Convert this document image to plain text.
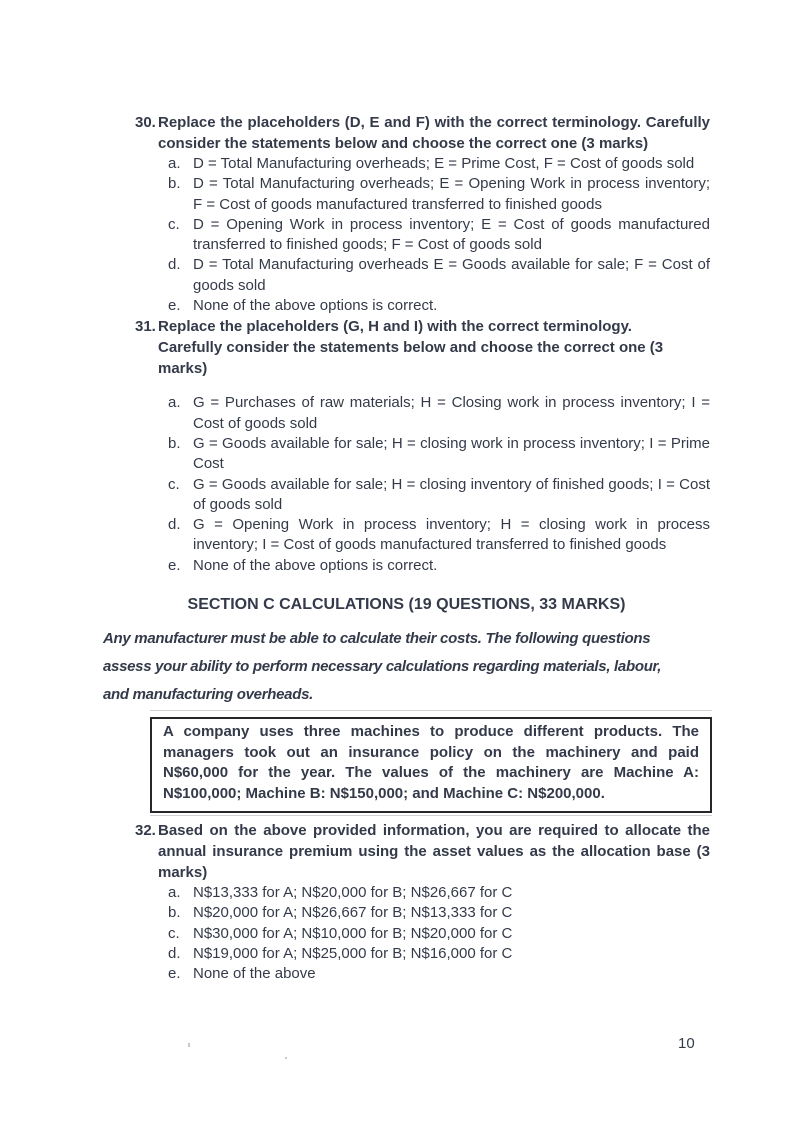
30. Replace the placeholders (D, E and F) with the correct terminology. Carefully consider the statements below and choose the correct one (3 marks)
a. D = Total Manufacturing overheads; E = Prime Cost, F = Cost of goods sold
b. D = Total Manufacturing overheads; E = Opening Work in process inventory; F = Cost of goods manufactured transferred to finished goods
c. D = Opening Work in process inventory; E = Cost of goods manufactured transferred to finished goods; F = Cost of goods sold
d. D = Total Manufacturing overheads E = Goods available for sale; F = Cost of goods sold
e. None of the above options is correct.
31. Replace the placeholders (G, H and I) with the correct terminology.
Carefully consider the statements below and choose the correct one (3 marks)
a. G = Purchases of raw materials; H = Closing work in process inventory; I = Cost of goods sold
b. G = Goods available for sale; H = closing work in process inventory; I = Prime Cost
c. G = Goods available for sale; H = closing inventory of finished goods; I = Cost of goods sold
d. G = Opening Work in process inventory; H = closing work in process inventory; I = Cost of goods manufactured transferred to finished goods
e. None of the above options is correct.
SECTION C CALCULATIONS (19 QUESTIONS, 33 MARKS)
Any manufacturer must be able to calculate their costs. The following questions
assess your ability to perform necessary calculations regarding materials, labour,
and manufacturing overheads.
A company uses three machines to produce different products. The managers took out an insurance policy on the machinery and paid N$60,000 for the year. The values of the machinery are Machine A: N$100,000; Machine B: N$150,000; and Machine C: N$200,000.
32. Based on the above provided information, you are required to allocate the annual insurance premium using the asset values as the allocation base (3 marks)
a. N$13,333 for A; N$20,000 for B; N$26,667 for C
b. N$20,000 for A; N$26,667 for B; N$13,333 for C
c. N$30,000 for A; N$10,000 for B; N$20,000 for C
d. N$19,000 for A; N$25,000 for B; N$16,000 for C
e. None of the above
10
